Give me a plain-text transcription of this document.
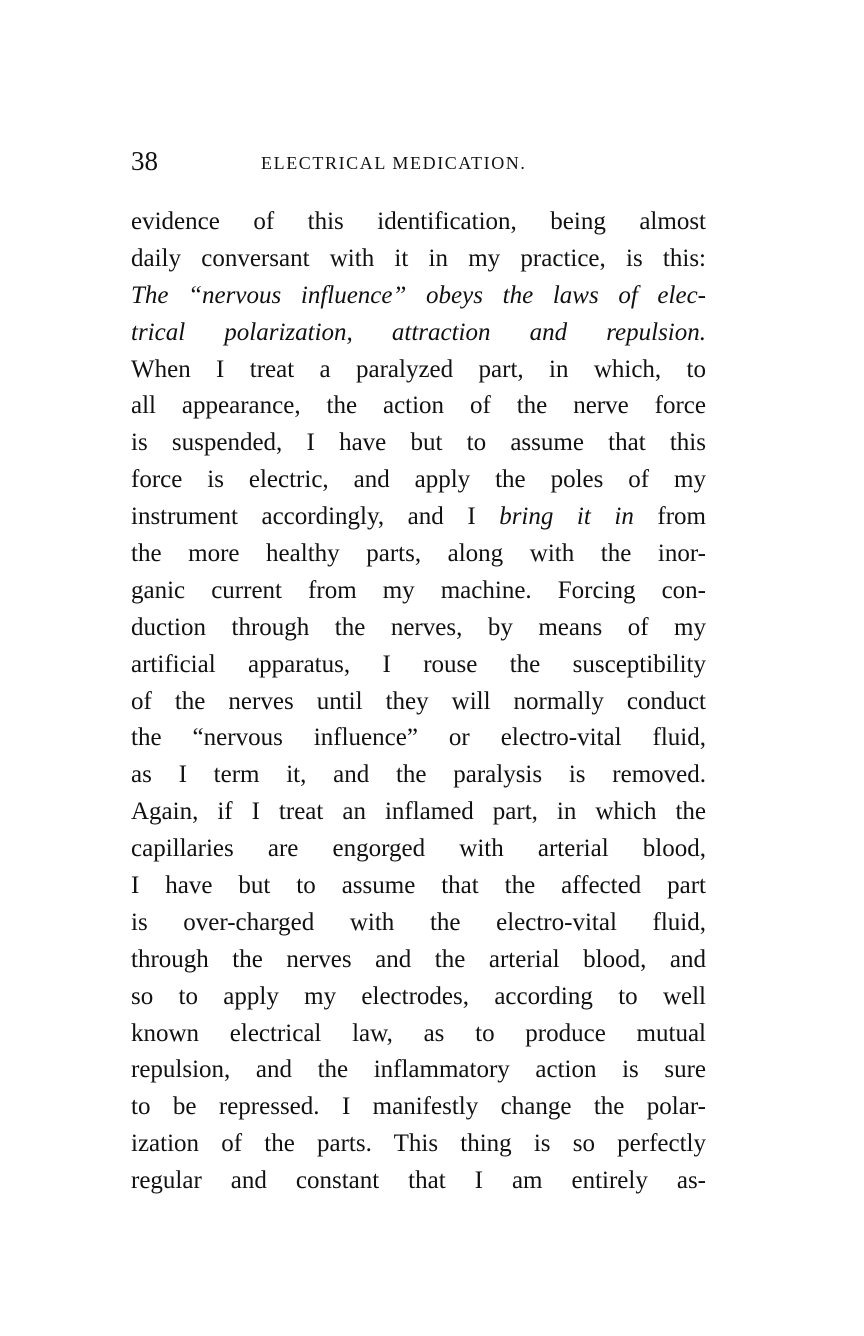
38	ELECTRICAL MEDICATION.
evidence of this identification, being almost
daily conversant with it in my practice, is this:
The “nervous influence” obeys the laws of elec-
trical polarization, attraction and repulsion.
When I treat a paralyzed part, in which, to
all appearance, the action of the nerve force
is suspended, I have but to assume that this
force is electric, and apply the poles of my
instrument accordingly, and I bring it in from
the more healthy parts, along with the inor-
ganic current from my machine. Forcing con-
duction through the nerves, by means of my
artificial apparatus, I rouse the susceptibility
of the nerves until they will normally conduct
the “nervous influence” or electro-vital fluid,
as I term it, and the paralysis is removed.
Again, if I treat an inflamed part, in which the
capillaries are engorged with arterial blood,
I have but to assume that the affected part
is over-charged with the electro-vital fluid,
through the nerves and the arterial blood, and
so to apply my electrodes, according to well
known electrical law, as to produce mutual
repulsion, and the inflammatory action is sure
to be repressed. I manifestly change the polar-
ization of the parts. This thing is so perfectly
regular and constant that I am entirely as-
